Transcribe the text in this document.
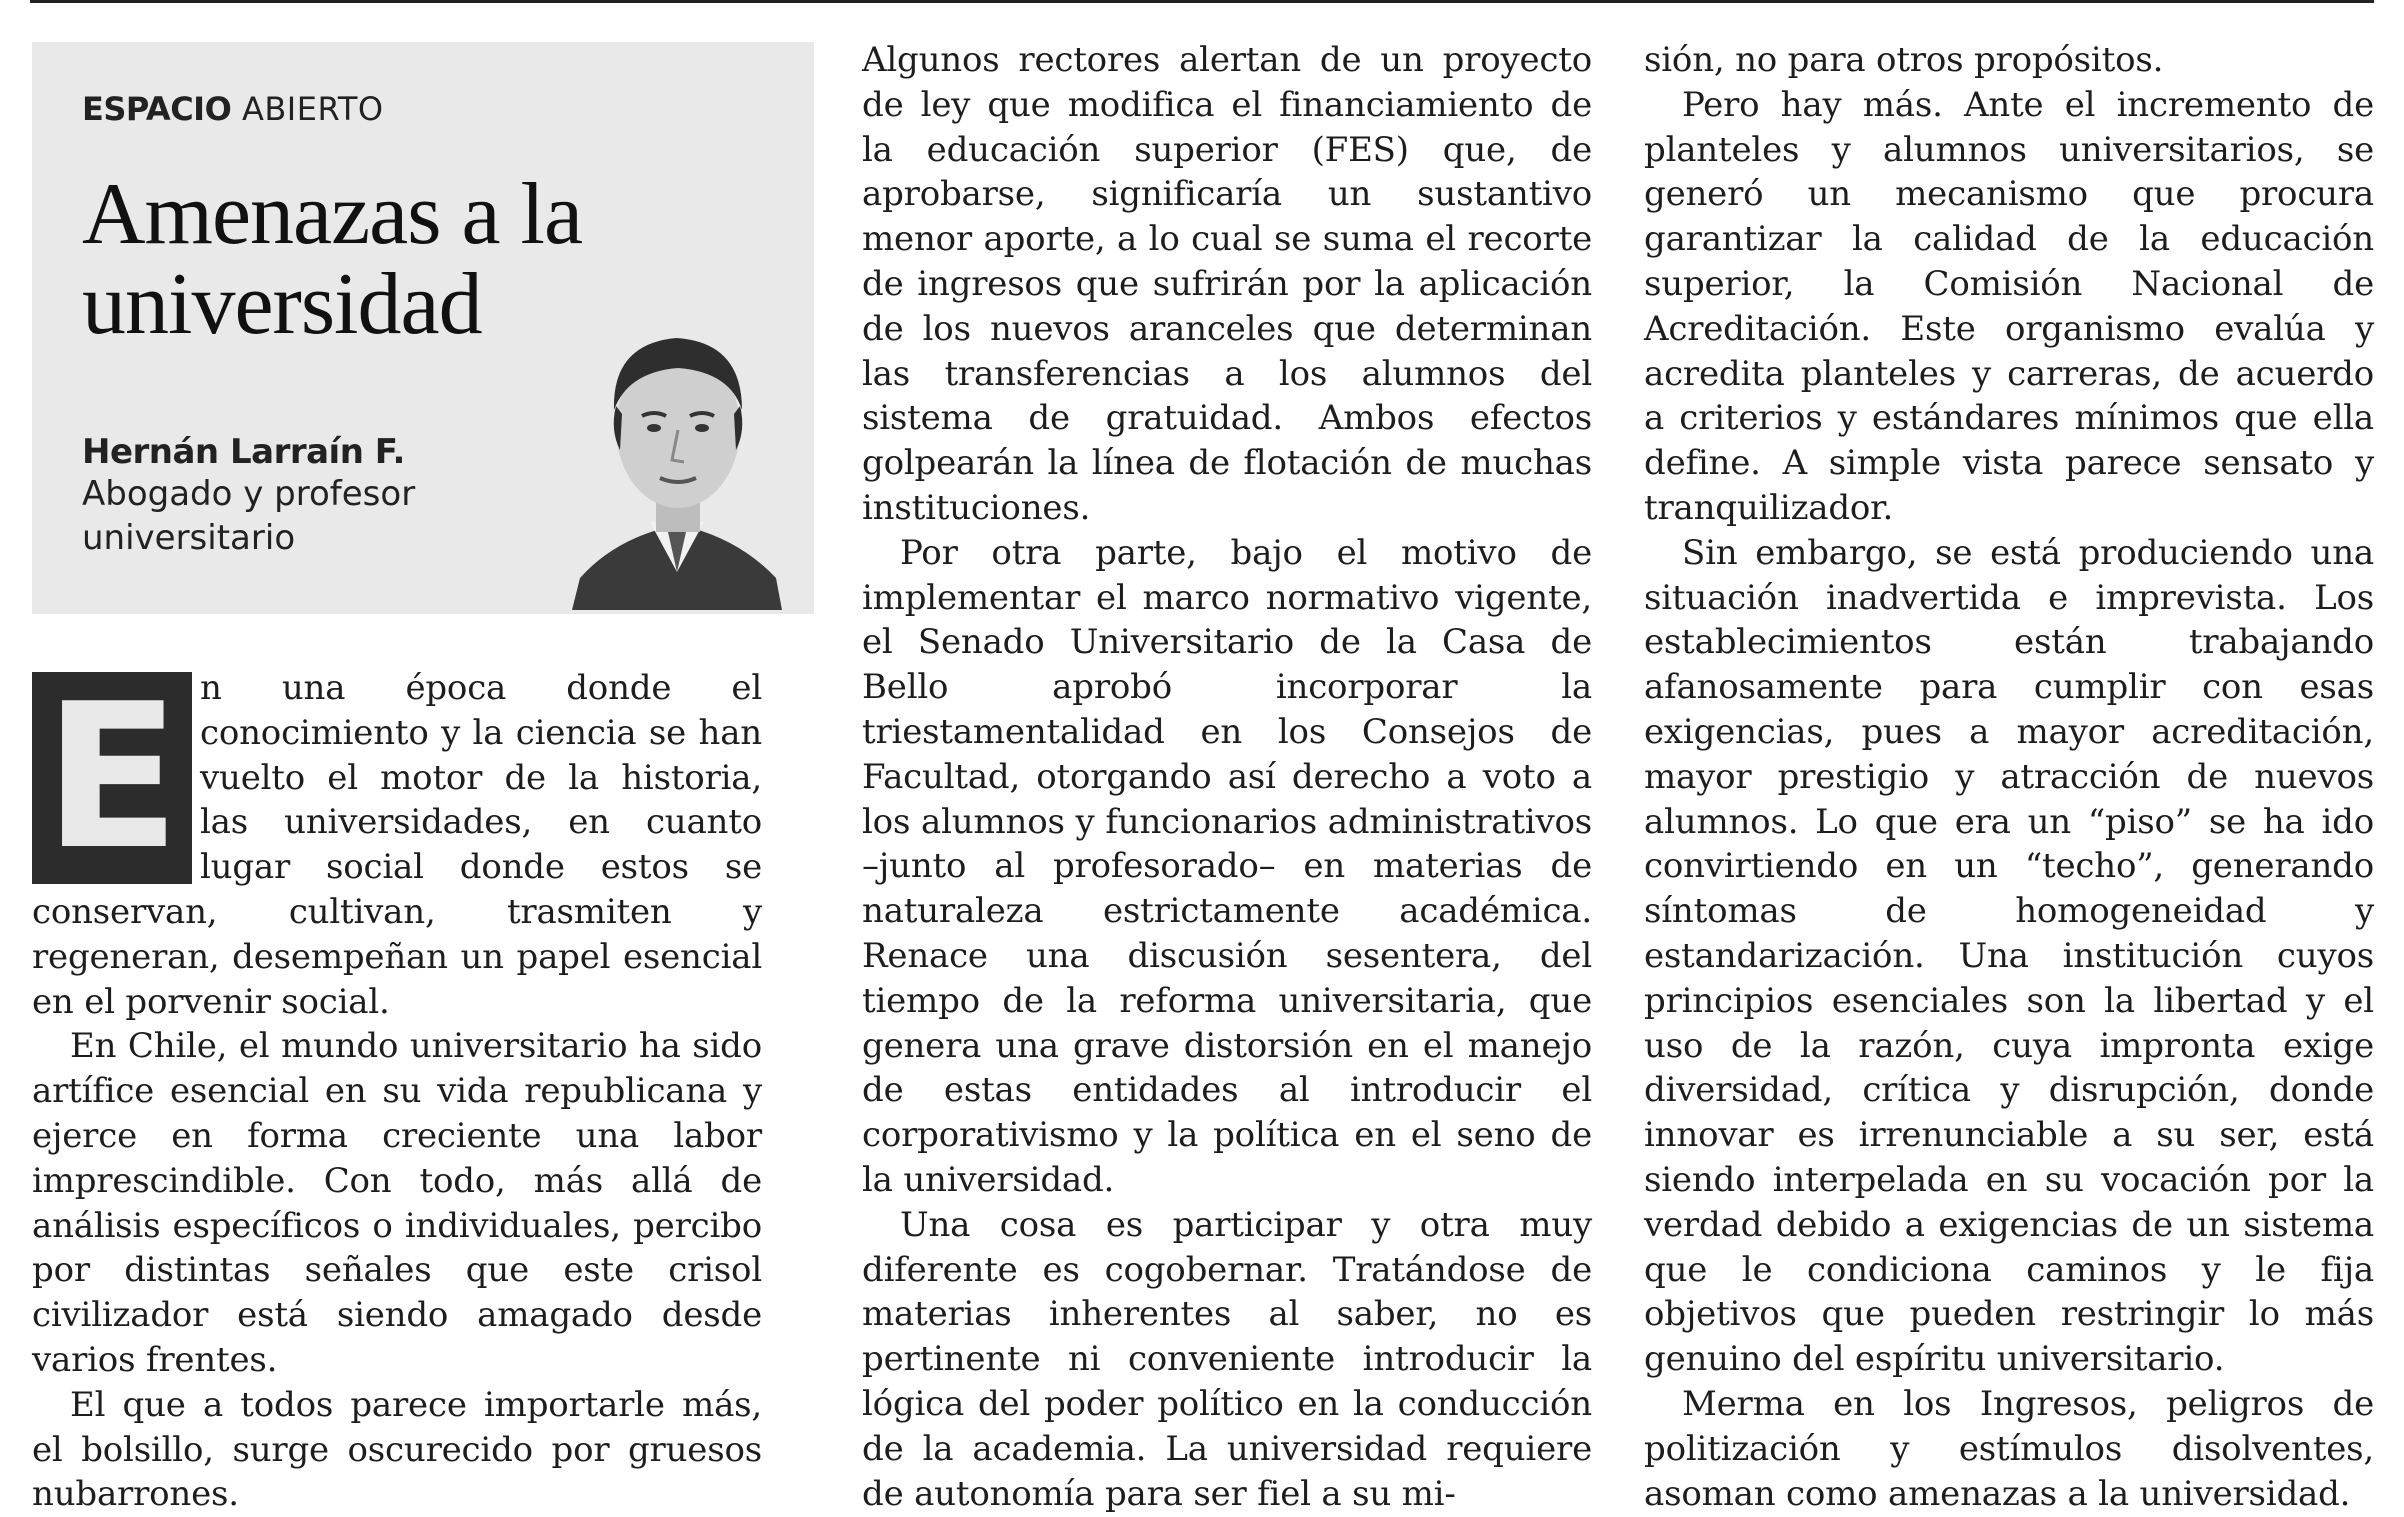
ESPACIO ABIERTO
Amenazas a la universidad
Hernán Larraín F.
Abogado y profesor universitario
E n una época donde el conocimiento y la ciencia se han vuelto el motor de la historia, las universidades, en cuanto lugar social donde estos se conservan, cultivan, trasmiten y regeneran, desempeñan un papel esencial en el porvenir social.

En Chile, el mundo universitario ha sido artífice esencial en su vida republicana y ejerce en forma creciente una labor imprescindible. Con todo, más allá de análisis específicos o individuales, percibo por distintas señales que este crisol civilizador está siendo amagado desde varios frentes.

El que a todos parece importarle más, el bolsillo, surge oscurecido por gruesos nubarrones.

Algunos rectores alertan de un proyecto de ley que modifica el financiamiento de la educación superior (FES) que, de aprobarse, significaría un sustantivo menor aporte, a lo cual se suma el recorte de ingresos que sufrirán por la aplicación de los nuevos aranceles que determinan las transferencias a los alumnos del sistema de gratuidad. Ambos efectos golpearán la línea de flotación de muchas instituciones.

Por otra parte, bajo el motivo de implementar el marco normativo vigente, el Senado Universitario de la Casa de Bello aprobó incorporar la triestamentalidad en los Consejos de Facultad, otorgando así derecho a voto a los alumnos y funcionarios administrativos –junto al profesorado– en materias de naturaleza estrictamente académica. Renace una discusión sesentera, del tiempo de la reforma universitaria, que genera una grave distorsión en el manejo de estas entidades al introducir el corporativismo y la política en el seno de la universidad.

Una cosa es participar y otra muy diferente es cogobernar. Tratándose de materias inherentes al saber, no es pertinente ni conveniente introducir la lógica del poder político en la conducción de la academia. La universidad requiere de autonomía para ser fiel a su mi-

sión, no para otros propósitos.

Pero hay más. Ante el incremento de planteles y alumnos universitarios, se generó un mecanismo que procura garantizar la calidad de la educación superior, la Comisión Nacional de Acreditación. Este organismo evalúa y acredita planteles y carreras, de acuerdo a criterios y estándares mínimos que ella define. A simple vista parece sensato y tranquilizador.

Sin embargo, se está produciendo una situación inadvertida e imprevista. Los establecimientos están trabajando afanosamente para cumplir con esas exigencias, pues a mayor acreditación, mayor prestigio y atracción de nuevos alumnos. Lo que era un “piso” se ha ido convirtiendo en un “techo”, generando síntomas de homogeneidad y estandarización. Una institución cuyos principios esenciales son la libertad y el uso de la razón, cuya impronta exige diversidad, crítica y disrupción, donde innovar es irrenunciable a su ser, está siendo interpelada en su vocación por la verdad debido a exigencias de un sistema que le condiciona caminos y le fija objetivos que pueden restringir lo más genuino del espíritu universitario.

Merma en los Ingresos, peligros de politización y estímulos disolventes, asoman como amenazas a la universidad.
